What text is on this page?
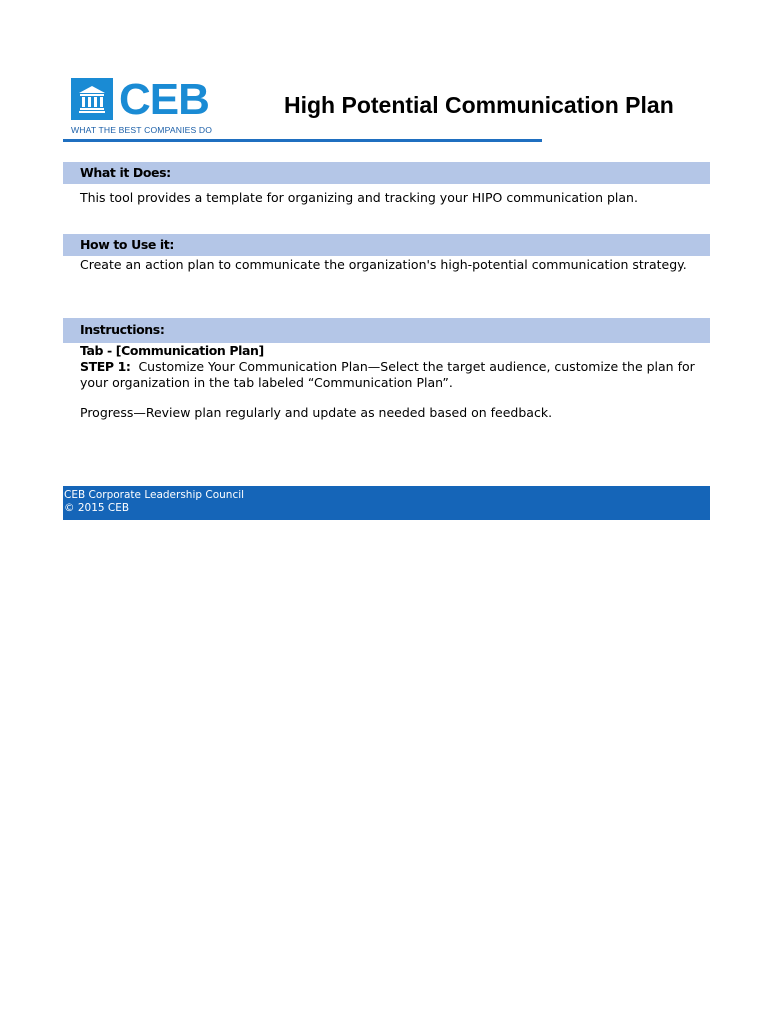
CEB
WHAT THE BEST COMPANIES DO
High Potential Communication Plan
What it Does:
This tool provides a template for organizing and tracking your HIPO communication plan.
How to Use it:
Create an action plan to communicate the organization's high-potential communication strategy.
Instructions:
Tab - [Communication Plan]
STEP 1: Customize Your Communication Plan—Select the target audience, customize the plan for
your organization in the tab labeled “Communication Plan”.
Progress—Review plan regularly and update as needed based on feedback.
CEB Corporate Leadership Council
© 2015 CEB
